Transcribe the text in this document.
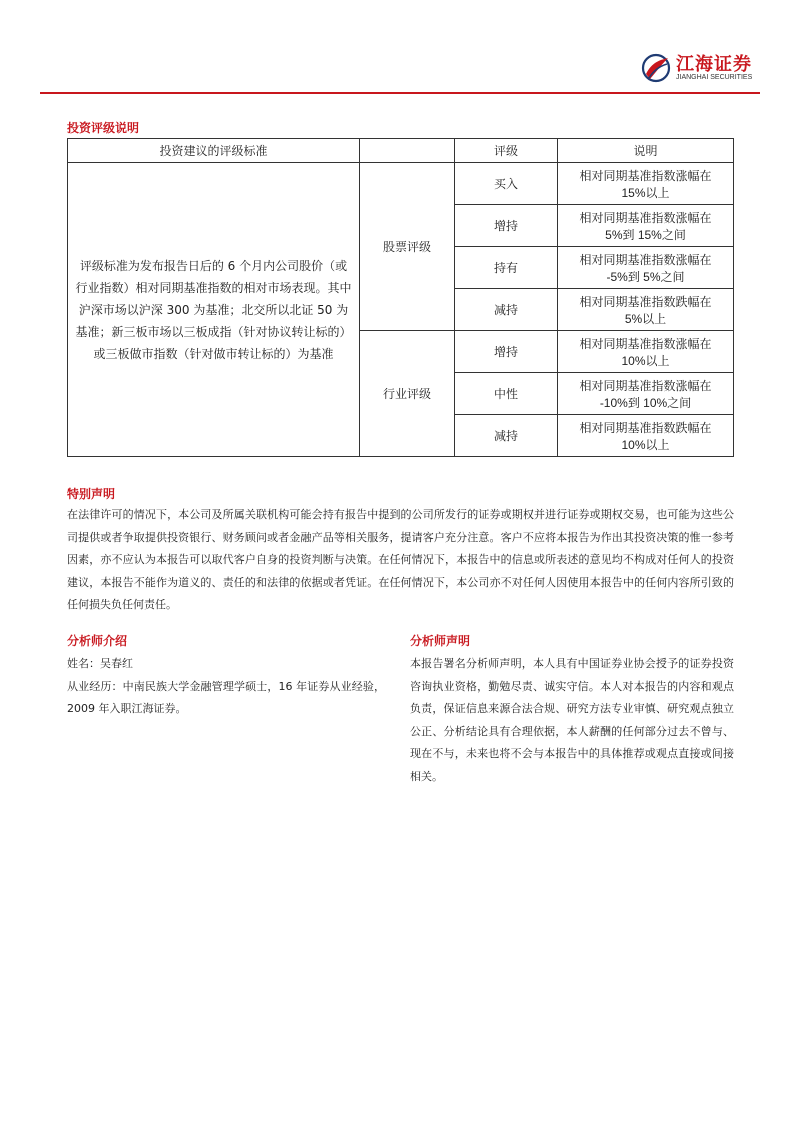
江海证券
JIANGHAI SECURITIES
投资评级说明
投资建议的评级标准		评级	说明
评级标准为发布报告日后的 6 个月内公司股价（或行业指数）相对同期基准指数的相对市场表现。其中沪深市场以沪深 300 为基准；北交所以北证 50 为基准；新三板市场以三板成指（针对协议转让标的）或三板做市指数（针对做市转让标的）为基准	股票评级	买入	相对同期基准指数涨幅在
15%以上

		增持	相对同期基准指数涨幅在
5%到 15%之间

		持有	相对同期基准指数涨幅在
-5%到 5%之间

		减持	相对同期基准指数跌幅在
5%以上

	行业评级	增持	相对同期基准指数涨幅在
10%以上

		中性	相对同期基准指数涨幅在
-10%到 10%之间

		减持	相对同期基准指数跌幅在
10%以上
特别声明
在法律许可的情况下，本公司及所属关联机构可能会持有报告中提到的公司所发行的证券或期权并进行证券或期权交易，也可能为这些公司提供或者争取提供投资银行、财务顾问或者金融产品等相关服务，提请客户充分注意。客户不应将本报告为作出其投资决策的惟一参考因素，亦不应认为本报告可以取代客户自身的投资判断与决策。在任何情况下，本报告中的信息或所表述的意见均不构成对任何人的投资建议，本报告不能作为道义的、责任的和法律的依据或者凭证。在任何情况下，本公司亦不对任何人因使用本报告中的任何内容所引致的任何损失负任何责任。
分析师介绍

姓名：吴春红

从业经历：中南民族大学金融管理学硕士，16 年证券从业经验，2009 年入职江海证券。

分析师声明
本报告署名分析师声明，本人具有中国证券业协会授予的证券投资咨询执业资格，勤勉尽责、诚实守信。本人对本报告的内容和观点负责，保证信息来源合法合规、研究方法专业审慎、研究观点独立公正、分析结论具有合理依据，本人薪酬的任何部分过去不曾与、现在不与，未来也将不会与本报告中的具体推荐或观点直接或间接相关。
